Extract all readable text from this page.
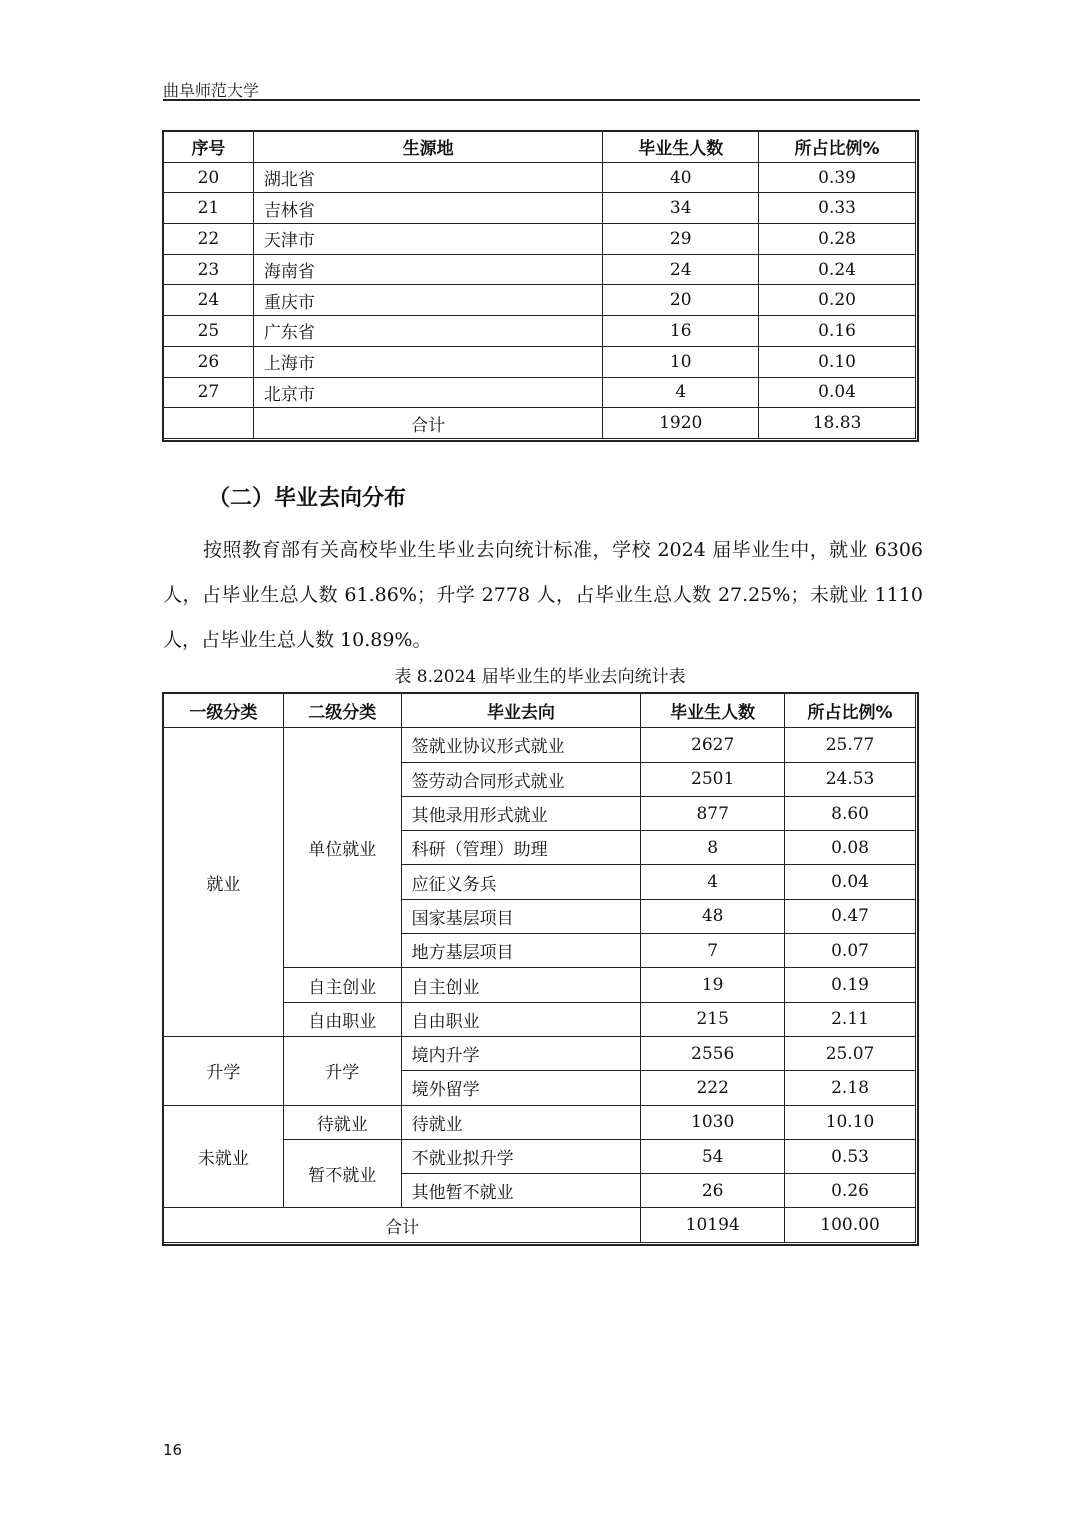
曲阜师范大学
序号	生源地	毕业生人数	所占比例%
20	湖北省	40	0.39
21	吉林省	34	0.33
22	天津市	29	0.28
23	海南省	24	0.24
24	重庆市	20	0.20
25	广东省	16	0.16
26	上海市	10	0.10
27	北京市	4	0.04
	合计	1920	18.83
（二）毕业去向分布

按照教育部有关高校毕业生毕业去向统计标准，学校 2024 届毕业生中，就业 6306 人，占毕业生总人数 61.86%；升学 2778 人，占毕业生总人数 27.25%；未就业 1110 人，占毕业生总人数 10.89%。

表 8.2024 届毕业生的毕业去向统计表
一级分类	二级分类	毕业去向	毕业生人数	所占比例%
就业	单位就业	签就业协议形式就业	2627	25.77
		签劳动合同形式就业	2501	24.53
		其他录用形式就业	877	8.60
		科研（管理）助理	8	0.08
		应征义务兵	4	0.04
		国家基层项目	48	0.47
		地方基层项目	7	0.07
	自主创业	自主创业	19	0.19
	自由职业	自由职业	215	2.11
升学	升学	境内升学	2556	25.07
		境外留学	222	2.18
未就业	待就业	待就业	1030	10.10
	暂不就业	不就业拟升学	54	0.53
		其他暂不就业	26	0.26
合计			10194	100.00
16
